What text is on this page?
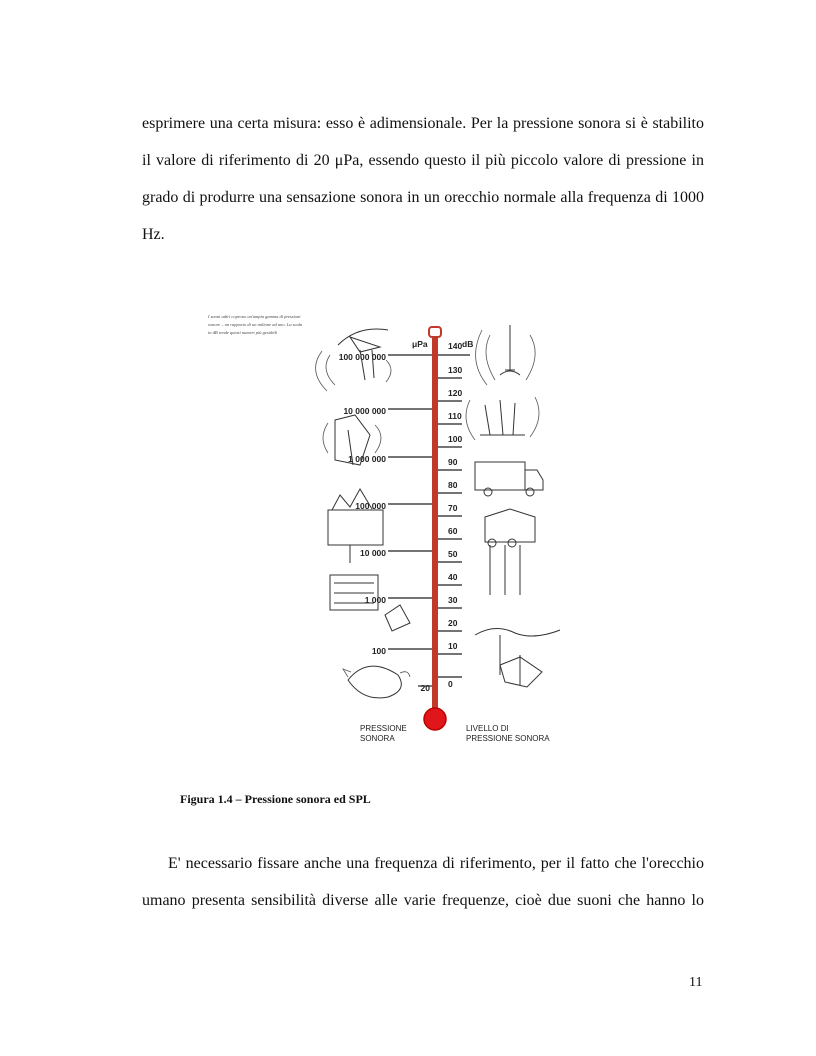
esprimere una certa misura: esso è adimensionale. Per la pressione sonora si è stabilito
il valore di riferimento di 20 μPa, essendo questo il più piccolo valore di pressione in
grado di produrre una sensazione sonora in un orecchio normale alla frequenza di 1000
Hz.

I suoni udiri coprono un'ampia gamma di pressioni
sonore – un rapporto di un milione ad uno. La scala
in dB rende questi numeri più gestibili
μPa	dB
100 000 000
10 000 000
1 000 000
100 000
10 000
1 000
100
20
140
130
120
110
100
90
80
70
60
50
40
30
20
10
0
PRESSIONE
SONORA
LIVELLO DI
PRESSIONE SONORA
Figura 1.4 – Pressione sonora ed SPL

E' necessario fissare anche una frequenza di riferimento, per il fatto che l'orecchio
umano presenta sensibilità diverse alle varie frequenze, cioè due suoni che hanno lo

11
